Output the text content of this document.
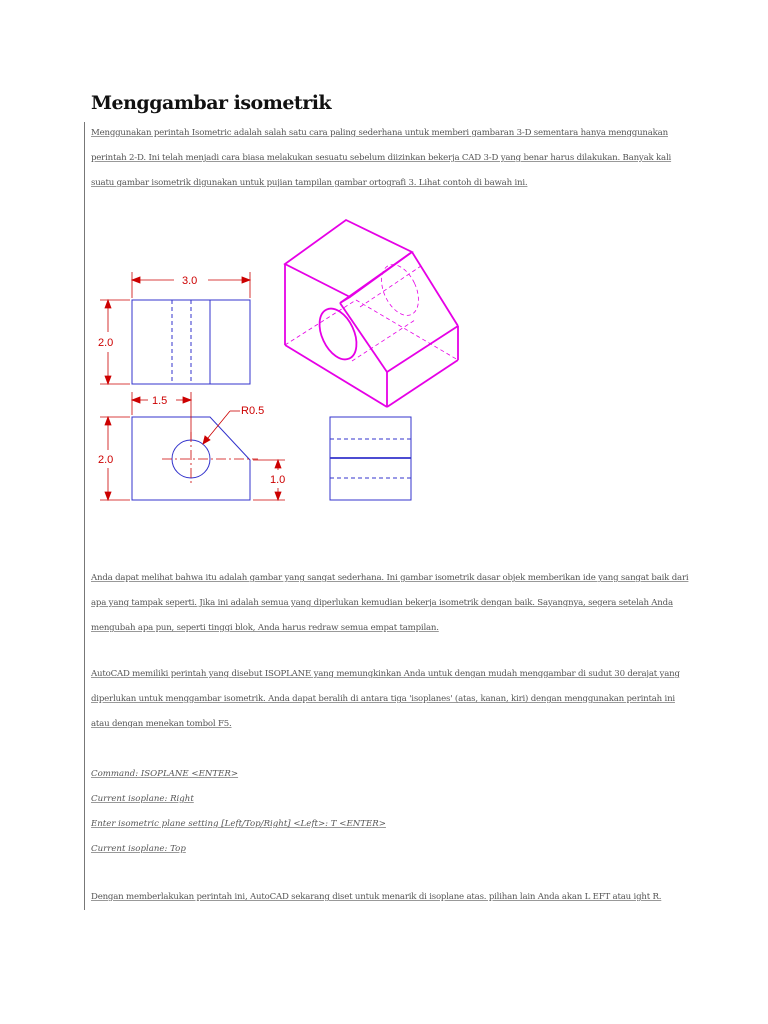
Menggambar isometrik
Menggunakan perintah Isometric adalah salah satu cara paling sederhana untuk memberi gambaran 3-D sementara hanya menggunakan perintah 2-D. Ini telah menjadi cara biasa melakukan sesuatu sebelum diizinkan bekerja CAD 3-D yang benar harus dilakukan. Banyak kali suatu gambar isometrik digunakan untuk pujian tampilan gambar ortografi 3. Lihat contoh di bawah ini.
3.0
2.0
1.5
R0.5
2.0
1.0
Anda dapat melihat bahwa itu adalah gambar yang sangat sederhana. Ini gambar isometrik dasar objek memberikan ide yang sangat baik dari apa yang tampak seperti. Jika ini adalah semua yang diperlukan kemudian bekerja isometrik dengan baik. Sayangnya, segera setelah Anda mengubah apa pun, seperti tinggi blok, Anda harus redraw semua empat tampilan.
AutoCAD memiliki perintah yang disebut ISOPLANE yang memungkinkan Anda untuk dengan mudah menggambar di sudut 30 derajat yang diperlukan untuk menggambar isometrik. Anda dapat beralih di antara tiga 'isoplanes' (atas, kanan, kiri) dengan menggunakan perintah ini atau dengan menekan tombol F5.
Command: ISOPLANE <ENTER>
Current isoplane: Right
Enter isometric plane setting [Left/Top/Right] <Left>: T <ENTER>
Current isoplane: Top
Dengan memberlakukan perintah ini, AutoCAD sekarang diset untuk menarik di isoplane atas. pilihan lain Anda akan L EFT atau ight R.
